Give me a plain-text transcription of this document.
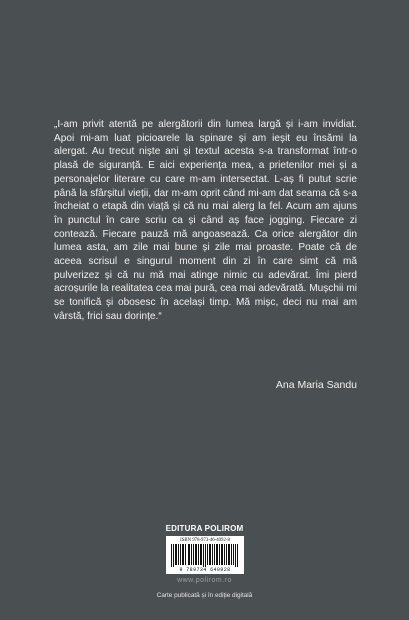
„I-am privit atentă pe alergătorii din lumea largă și i-am invidiat. Apoi mi-am luat picioarele la spinare și am ieșit eu însămi la alergat. Au trecut niște ani și textul acesta s-a transformat într-o plasă de siguranță. E aici experiența mea, a prietenilor mei și a personajelor literare cu care m-am intersectat. L-aș fi putut scrie până la sfârșitul vieții, dar m-am oprit când mi-am dat seama că s-a încheiat o etapă din viață și că nu mai alerg la fel. Acum am ajuns în punctul în care scriu ca și când aș face jogging. Fiecare zi contează. Fiecare pauză mă angoasează. Ca orice alergător din lumea asta, am zile mai bune și zile mai proaste. Poate că de aceea scrisul e singurul moment din zi în care simt că mă pulverizez și că nu mă mai atinge nimic cu adevărat. Îmi pierd acroșurile la realitatea cea mai pură, cea mai adevărată. Mușchii mi se tonifică și obosesc în același timp. Mă mișc, deci nu mai am vârstă, frici sau dorințe.“

Ana Maria Sandu

EDITURA POLIROM
ISBN 978-973-46-4092-8
9 789734 640928
www.polirom.ro
Carte publicată și în ediție digitală
